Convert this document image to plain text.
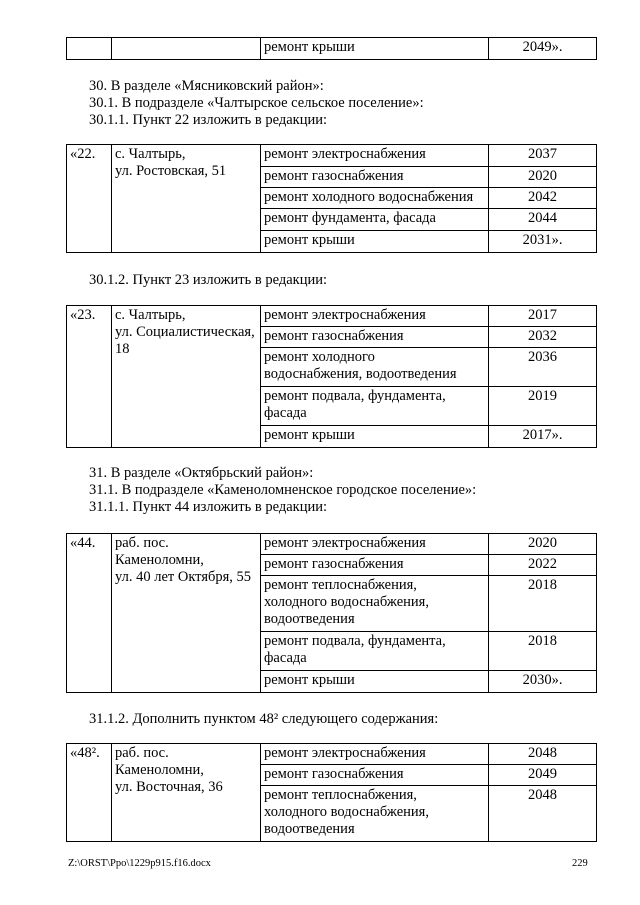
		ремонт крыши	2049».
30. В разделе «Мясниковский район»:
30.1. В подразделе «Чалтырское сельское поселение»:
30.1.1. Пункт 22 изложить в редакции:
«22.	с. Чалтырь,
ул. Ростовская, 51	ремонт электроснабжения	2037
		ремонт газоснабжения	2020
		ремонт холодного водоснабжения	2042
		ремонт фундамента, фасада	2044
		ремонт крыши	2031».
30.1.2. Пункт 23 изложить в редакции:
«23.	с. Чалтырь,
ул. Социалистическая,
18	ремонт электроснабжения	2017

		ремонт газоснабжения	2032

		ремонт холодного
водоснабжения, водоотведения	2036

		ремонт подвала, фундамента,
фасада	2019

		ремонт крыши	2017».
31. В разделе «Октябрьский район»:
31.1. В подразделе «Каменоломненское городское поселение»:
31.1.1. Пункт 44 изложить в редакции:
«44.	раб. пос.
Каменоломни,
ул. 40 лет Октября, 55	ремонт электроснабжения	2020

		ремонт газоснабжения	2022

		ремонт теплоснабжения,
холодного водоснабжения,
водоотведения	2018

		ремонт подвала, фундамента,
фасада	2018

		ремонт крыши	2030».
31.1.2. Дополнить пунктом 48² следующего содержания:
«48².	раб. пос.
Каменоломни,
ул. Восточная, 36	ремонт электроснабжения	2048

		ремонт газоснабжения	2049

		ремонт теплоснабжения,
холодного водоснабжения,
водоотведения	2048
Z:\ORST\Ppo\1229p915.f16.docx	229
